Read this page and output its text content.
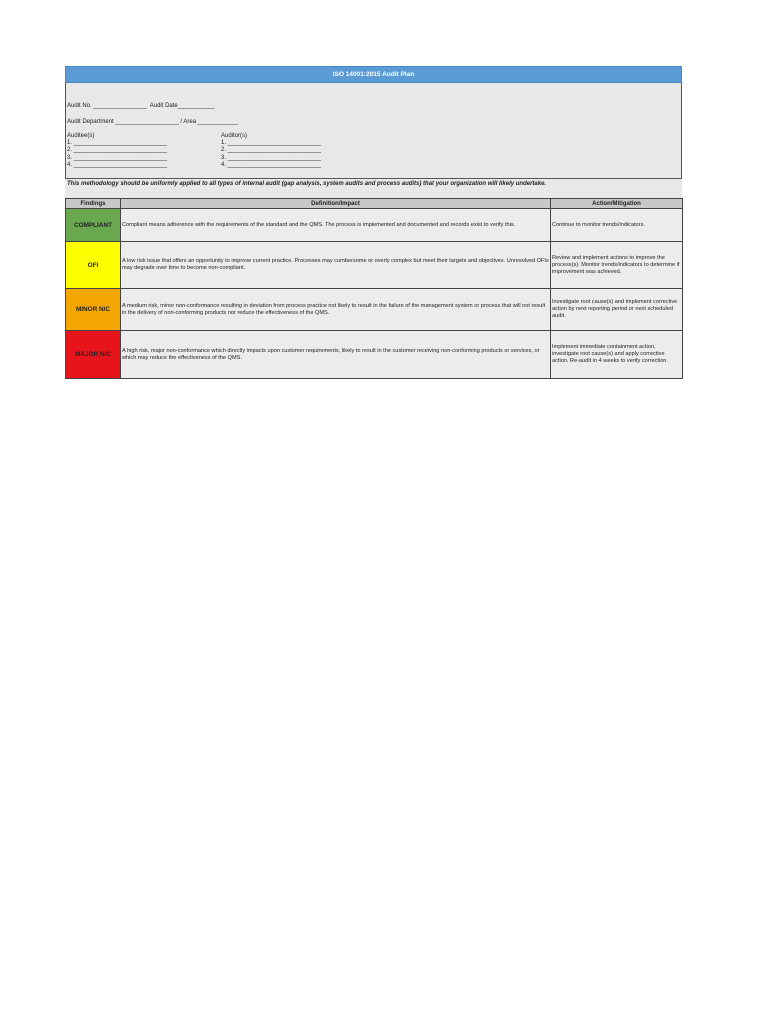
ISO 14001:2015 Audit Plan
Audit No. ________________  Audit Date___________
Audit Department ___________________ / Area ____________
Auditee(s)
1. ____________________________
2. ____________________________
3. ____________________________
4. ____________________________
Auditor(s)
1. ____________________________
2. ____________________________
3. ____________________________
4. ____________________________
This methodology should be uniformly applied to all types of internal audit (gap analysis, system audits and process audits) that your organization will likely undertake.
Findings	Definition/Impact	Action/Mitigation
COMPLIANT	Compliant means adherence with the requirements of the standard and the QMS. The process is implemented and documented and records exist to verify this.	Continue to monitor trends/indicators.
OFI	A low risk issue that offers an opportunity to improve current practice. Processes may cumbersome or overly complex but meet their targets and objectives. Unresolved OFIs may degrade over time to become non-compliant.	Review and implement actions to improve the process(s). Monitor trends/indicators to determine if improvement was achieved.
MINOR N/C	A medium risk, minor non-conformance resulting in deviation from process practice not likely to result in the failure of the management system or process that will not result in the delivery of non-conforming products nor reduce the effectiveness of the QMS.	Investigate root cause(s) and implement corrective action by next reporting period or next scheduled audit.
MAJOR N/C	A high risk, major non-conformance which directly impacts upon customer requirements, likely to result in the customer receiving non-conforming products or services, or which may reduce the effectiveness of the QMS.	Implement immediate containment action, investigate root cause(s) and apply corrective action. Re-audit in 4 weeks to verify correction.
